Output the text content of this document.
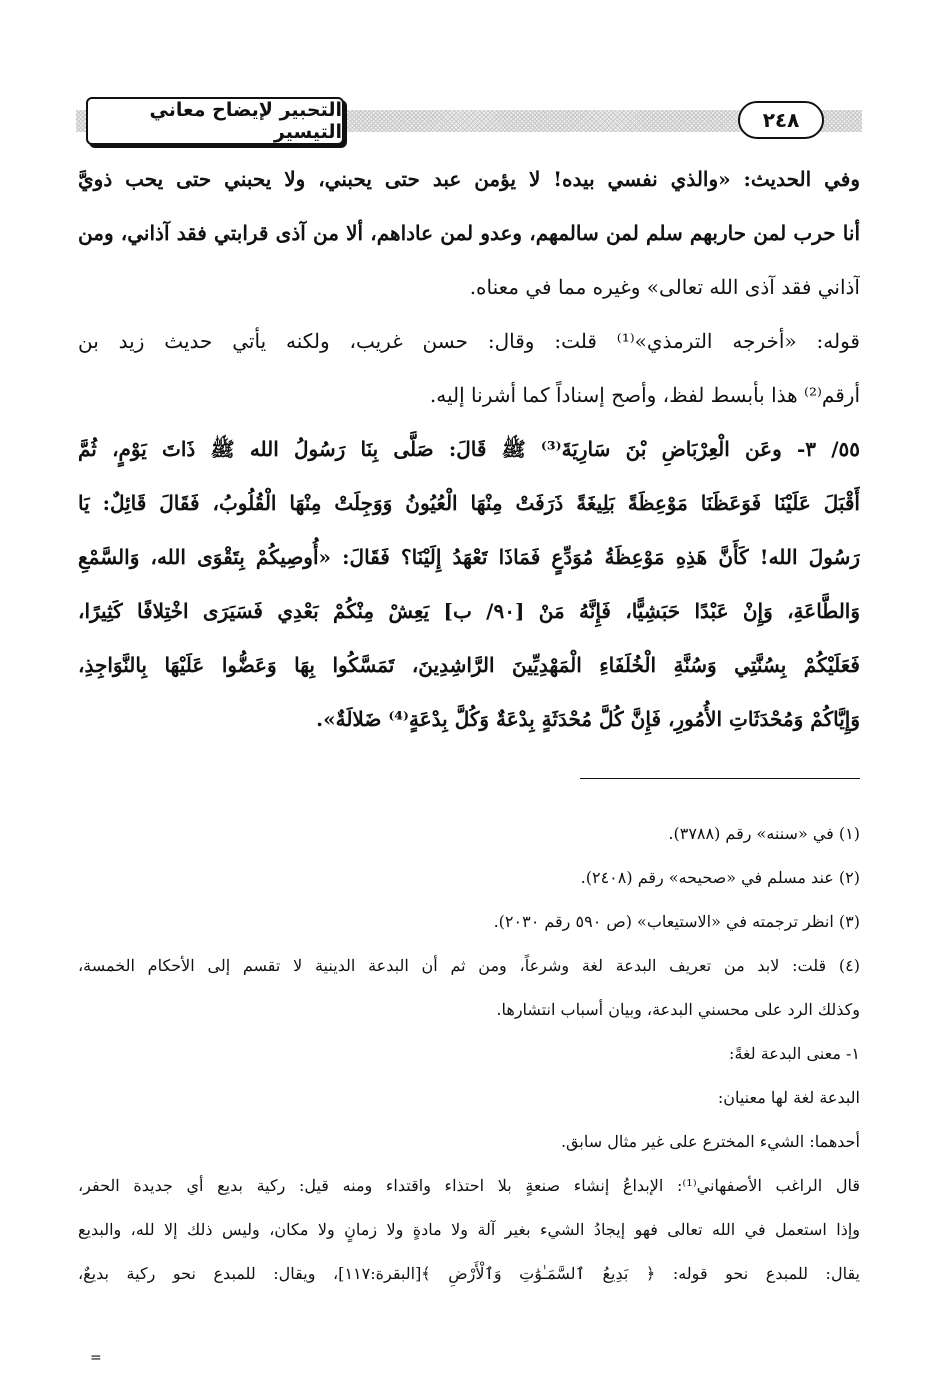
التحبير لإيضاح معاني التيسير	٢٤٨
وفي الحديث: «والذي نفسي بيده! لا يؤمن عبد حتى يحبني، ولا يحبني حتى يحب ذويَّ
أنا حرب لمن حاربهم سلم لمن سالمهم، وعدو لمن عاداهم، ألا من آذى قرابتي فقد آذاني، ومن
آذاني فقد آذى الله تعالى» وغيره مما في معناه.
قوله: «أخرجه الترمذي»⁽¹⁾ قلت: وقال: حسن غريب، ولكنه يأتي حديث زيد بن
أرقم⁽²⁾ هذا بأبسط لفظ، وأصح إسناداً كما أشرنا إليه.
٥٥/ ٣- وعَن الْعِرْبَاضِ بْنَ سَارِيَةَ⁽³⁾ ﷺ قَالَ: صَلَّى بِنَا رَسُولُ الله ﷺ ذَاتَ يَوْمٍ، ثُمَّ
أَقْبَلَ عَلَيْنَا فَوَعَظَنَا مَوْعِظَةً بَلِيغَةً ذَرَفَتْ مِنْهَا الْعُيُونُ وَوَجِلَتْ مِنْهَا الْقُلُوبُ، فَقَالَ قَائِلٌ: يَا
رَسُولَ الله! كَأَنَّ هَذِهِ مَوْعِظَةُ مُوَدِّعٍ فَمَاذَا تَعْهَدُ إِلَيْنَا؟ فَقَالَ: «أُوصِيكُمْ بِتَقْوَى الله، وَالسَّمْعِ
وَالطَّاعَةِ، وَإِنْ عَبْدًا حَبَشِيًّا، فَإِنَّهُ مَنْ [٩٠/ ب] يَعِشْ مِنْكُمْ بَعْدِي فَسَيَرَى اخْتِلافًا كَثِيرًا،
فَعَلَيْكُمْ بِسُنَّتِي وَسُنَّةِ الْخُلَفَاءِ الْمَهْدِيِّينَ الرَّاشِدِينَ، تَمَسَّكُوا بِهَا وَعَضُّوا عَلَيْهَا بِالنَّوَاجِذِ،
وَإِيَّاكُمْ وَمُحْدَثَاتِ الأُمُورِ، فَإِنَّ كُلَّ مُحْدَثَةٍ بِدْعَةٌ وَكُلَّ بِدْعَةٍ⁽⁴⁾ ضَلالَةٌ».
(١) في «سننه» رقم (٣٧٨٨).
(٢) عند مسلم في «صحيحه» رقم (٢٤٠٨).
(٣) انظر ترجمته في «الاستيعاب» (ص ٥٩٠ رقم ٢٠٣٠).
(٤) قلت: لابد من تعريف البدعة لغة وشرعاً، ومن ثم أن البدعة الدينية لا تقسم إلى الأحكام الخمسة،
وكذلك الرد على محسني البدعة، وبيان أسباب انتشارها.
١- معنى البدعة لغةً:
البدعة لغة لها معنيان:
أحدهما: الشيء المخترع على غير مثال سابق.
قال الراغب الأصفهاني⁽¹⁾: الإبداعُ إنشاء صنعةٍ بلا احتذاء واقتداء ومنه قيل: ركية بديع أي جديدة الحفر،
وإذا استعمل في الله تعالى فهو إيجادُ الشيء بغير آلة ولا مادةٍ ولا زمانٍ ولا مكان، وليس ذلك إلا لله، والبديع
يقال: للمبدع نحو قوله: ﴿ بَدِيعُ ٱلسَّمَـٰوَٰتِ وَٱلْأَرْضِ ﴾[البقرة:١١٧]، ويقال: للمبدع نحو ركية بديعٌ،
=
